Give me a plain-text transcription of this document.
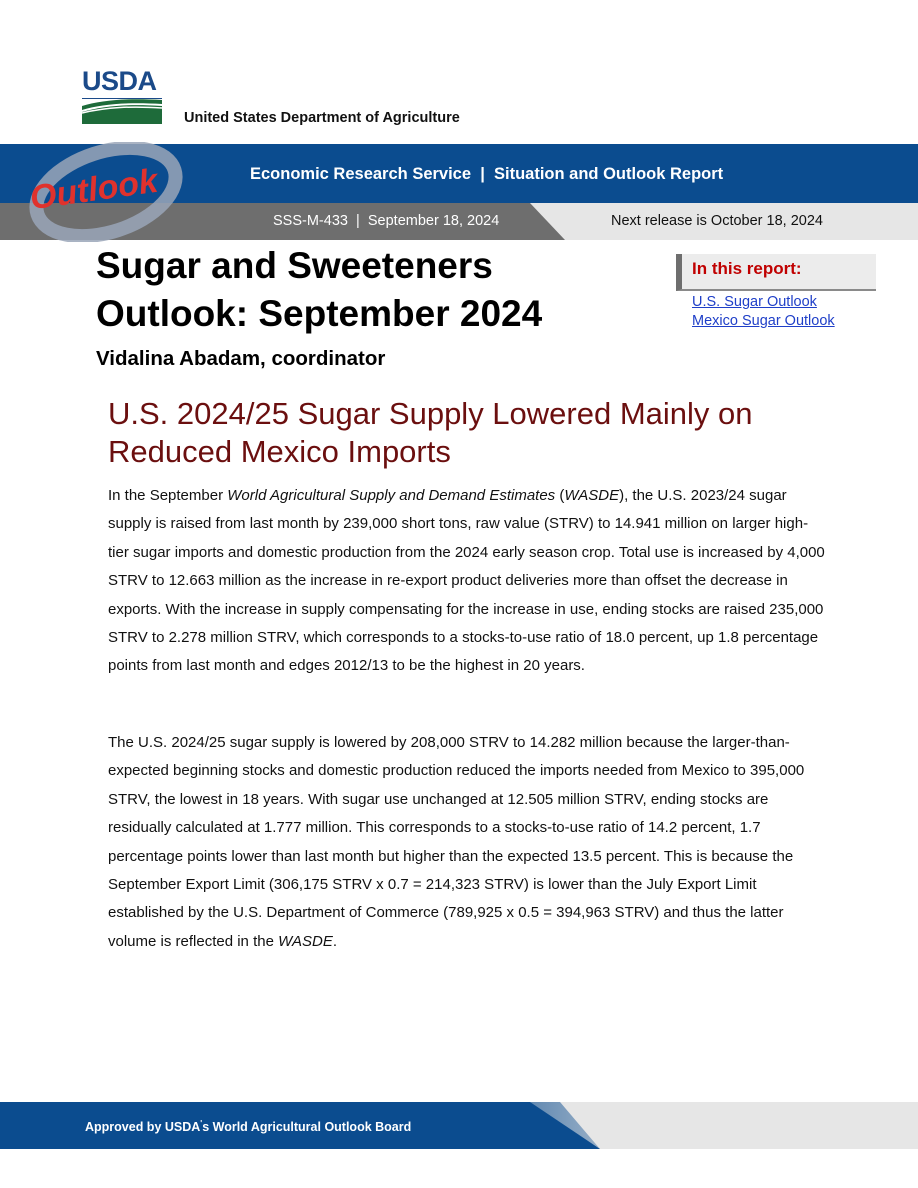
USDA
United States Department of Agriculture
Economic Research Service | Situation and Outlook Report
SSS-M-433 | September 18, 2024	Next release is October 18, 2024
Outlook
Sugar and Sweeteners
Outlook: September 2024
Vidalina Abadam, coordinator
In this report:
U.S. Sugar Outlook
Mexico Sugar Outlook
U.S. 2024/25 Sugar Supply Lowered Mainly on
Reduced Mexico Imports

In the September World Agricultural Supply and Demand Estimates (WASDE), the U.S. 2023/24 sugar supply is raised from last month by 239,000 short tons, raw value (STRV) to 14.941 million on larger high-tier sugar imports and domestic production from the 2024 early season crop. Total use is increased by 4,000 STRV to 12.663 million as the increase in re-export product deliveries more than offset the decrease in exports. With the increase in supply compensating for the increase in use, ending stocks are raised 235,000 STRV to 2.278 million STRV, which corresponds to a stocks-to-use ratio of 18.0 percent, up 1.8 percentage points from last month and edges 2012/13 to be the highest in 20 years.

The U.S. 2024/25 sugar supply is lowered by 208,000 STRV to 14.282 million because the larger-than-expected beginning stocks and domestic production reduced the imports needed from Mexico to 395,000 STRV, the lowest in 18 years. With sugar use unchanged at 12.505 million STRV, ending stocks are residually calculated at 1.777 million. This corresponds to a stocks-to-use ratio of 14.2 percent, 1.7 percentage points lower than last month but higher than the expected 13.5 percent. This is because the September Export Limit (306,175 STRV x 0.7 = 214,323 STRV) is lower than the July Export Limit established by the U.S. Department of Commerce (789,925 x 0.5 = 394,963 STRV) and thus the latter volume is reflected in the WASDE.

Approved by USDA's World Agricultural Outlook Board
